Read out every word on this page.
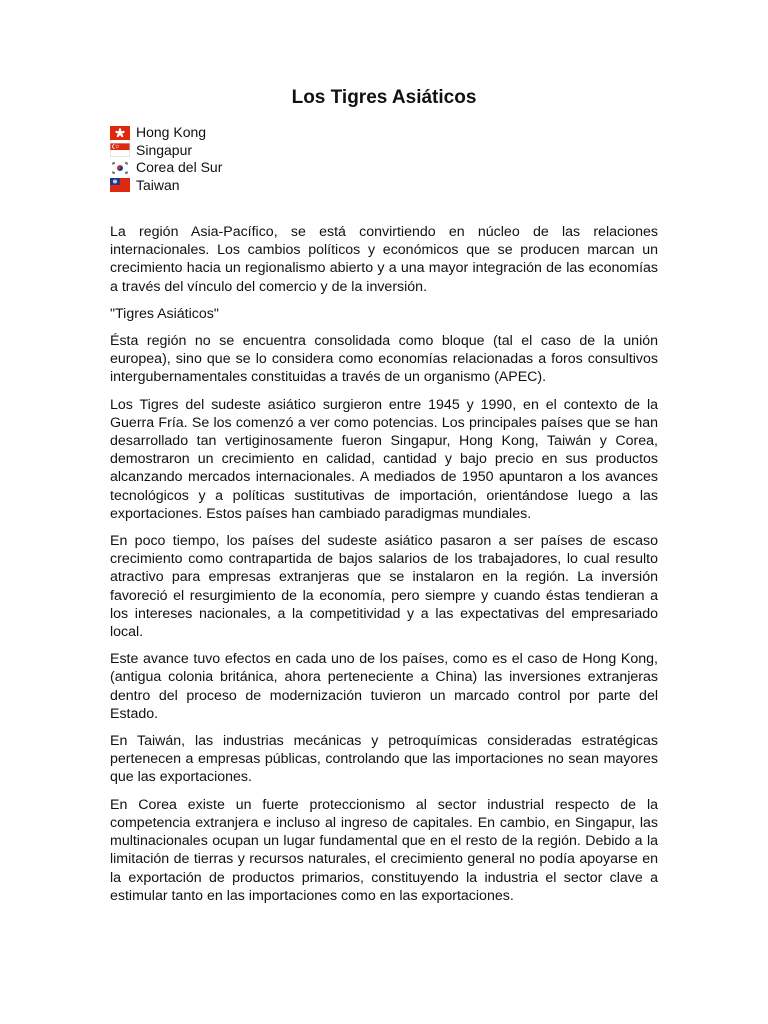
Los Tigres Asiáticos
Hong Kong
Singapur
Corea del Sur
Taiwan

La región Asia-Pacífico, se está convirtiendo en núcleo de las relaciones internacionales. Los cambios políticos y económicos que se producen marcan un crecimiento hacia un regionalismo abierto y a una mayor integración de las economías a través del vínculo del comercio y de la inversión.

"Tigres Asiáticos"

Ésta región no se encuentra consolidada como bloque (tal el caso de la unión europea), sino que se lo considera como economías relacionadas a foros consultivos intergubernamentales constituidas a través de un organismo (APEC).

Los Tigres del sudeste asiático surgieron entre 1945 y 1990, en el contexto de la Guerra Fría. Se los comenzó a ver como potencias. Los principales países que se han desarrollado tan vertiginosamente fueron Singapur, Hong Kong, Taiwán y Corea, demostraron un crecimiento en calidad, cantidad y bajo precio en sus productos alcanzando mercados internacionales. A mediados de 1950 apuntaron a los avances tecnológicos y a políticas sustitutivas de importación, orientándose luego a las exportaciones. Estos países han cambiado paradigmas mundiales.

En poco tiempo, los países del sudeste asiático pasaron a ser países de escaso crecimiento como contrapartida de bajos salarios de los trabajadores, lo cual resulto atractivo para empresas extranjeras que se instalaron en la región. La inversión favoreció el resurgimiento de la economía, pero siempre y cuando éstas tendieran a los intereses nacionales, a la competitividad y a las expectativas del empresariado local.

Este avance tuvo efectos en cada uno de los países, como es el caso de Hong Kong, (antigua colonia británica, ahora perteneciente a China) las inversiones extranjeras dentro del proceso de modernización tuvieron un marcado control por parte del Estado.

En Taiwán, las industrias mecánicas y petroquímicas consideradas estratégicas pertenecen a empresas públicas, controlando que las importaciones no sean mayores que las exportaciones.

En Corea existe un fuerte proteccionismo al sector industrial respecto de la competencia extranjera e incluso al ingreso de capitales. En cambio, en Singapur, las multinacionales ocupan un lugar fundamental que en el resto de la región. Debido a la limitación de tierras y recursos naturales, el crecimiento general no podía apoyarse en la exportación de productos primarios, constituyendo la industria el sector clave a estimular tanto en las importaciones como en las exportaciones.
